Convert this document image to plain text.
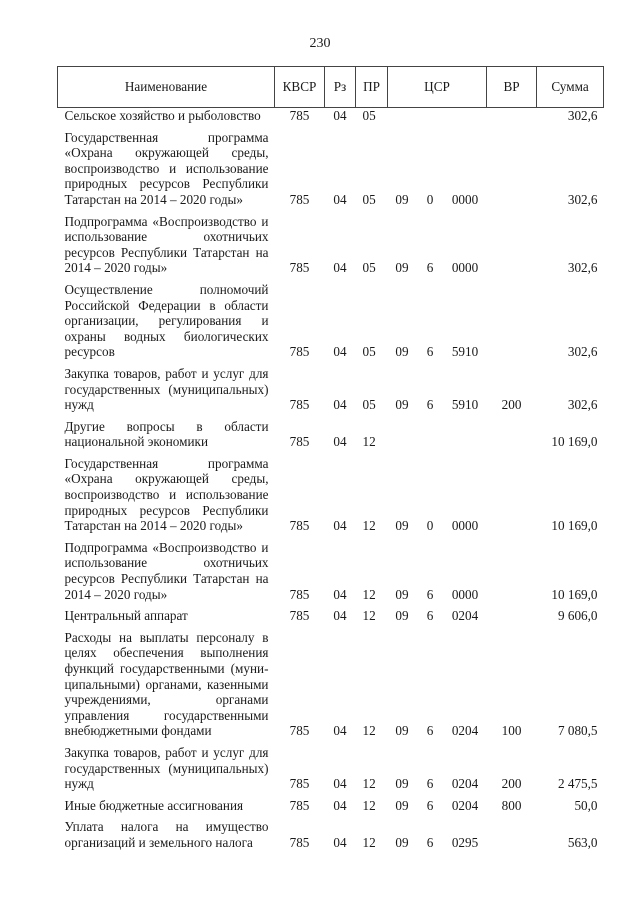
230
Наименование	КВСР	Рз	ПР	ЦСР			ВР	Сумма
Сельское хозяйство и рыболовство	785	04	05					302,6
Государственная программа «Охрана окружающей среды, воспроизводство и использование природных ресурсов Республики Татарстан на 2014 – 2020 годы»	785	04	05	09	0	0000		302,6
Подпрограмма «Воспроизводство и использование охотничьих ресурсов Республики Татарстан на 2014 – 2020 годы»	785	04	05	09	6	0000		302,6
Осуществление полномочий Российской Федерации в области организации, регулирования и охраны водных биологических ресурсов	785	04	05	09	6	5910		302,6
Закупка товаров, работ и услуг для государственных (муниципальных) нужд	785	04	05	09	6	5910	200	302,6
Другие вопросы в области национальной экономики	785	04	12					10 169,0
Государственная программа «Охрана окружающей среды, воспроизводство и использование природных ресурсов Республики Татарстан на 2014 – 2020 годы»	785	04	12	09	0	0000		10 169,0
Подпрограмма «Воспроизводство и использование охотничьих ресурсов Республики Татарстан на 2014 – 2020 годы»	785	04	12	09	6	0000		10 169,0
Центральный аппарат	785	04	12	09	6	0204		9 606,0
Расходы на выплаты персоналу в целях обеспечения выполнения функций государственными (муни-ципальными) органами, казенными учреждениями, органами управления государственными внебюджетными фондами	785	04	12	09	6	0204	100	7 080,5
Закупка товаров, работ и услуг для государственных (муниципальных) нужд	785	04	12	09	6	0204	200	2 475,5
Иные бюджетные ассигнования	785	04	12	09	6	0204	800	50,0
Уплата налога на имущество организаций и земельного налога	785	04	12	09	6	0295		563,0
